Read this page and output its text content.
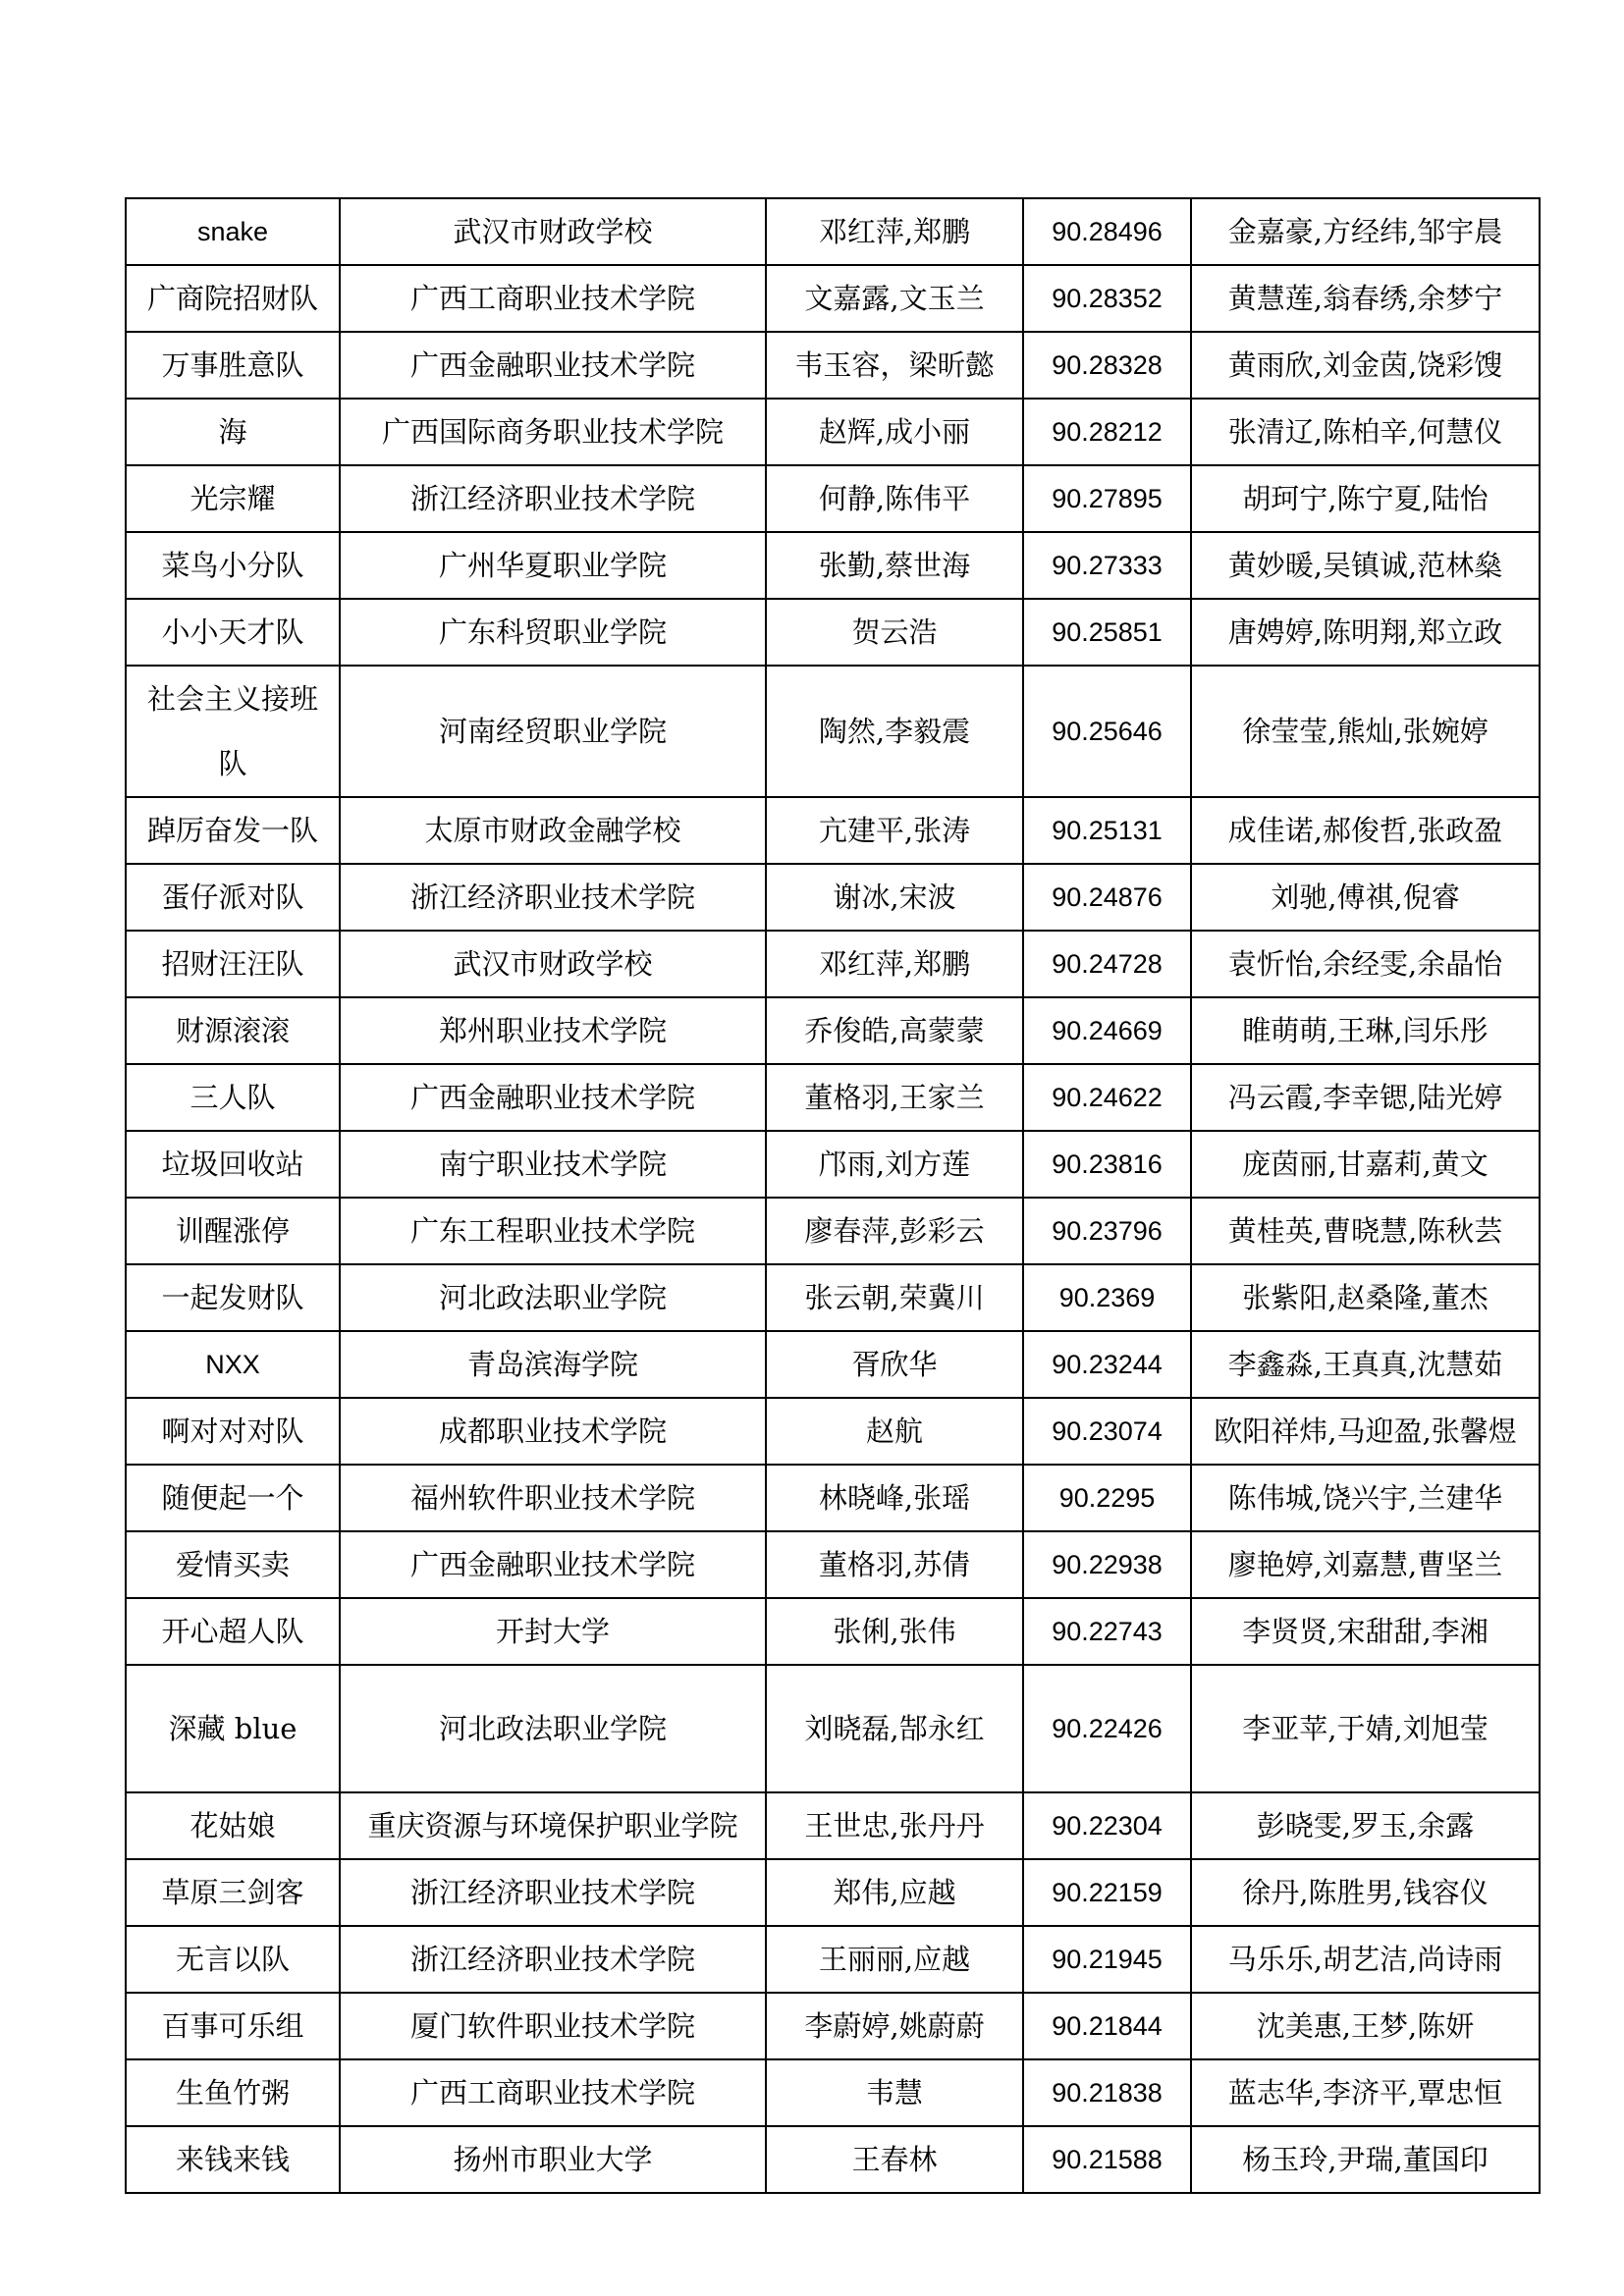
snake	武汉市财政学校	邓红萍,郑鹏	90.28496	金嘉豪,方经纬,邹宇晨
广商院招财队	广西工商职业技术学院	文嘉露,文玉兰	90.28352	黄慧莲,翁春绣,余梦宁
万事胜意队	广西金融职业技术学院	韦玉容，梁昕懿	90.28328	黄雨欣,刘金茵,饶彩馊
海	广西国际商务职业技术学院	赵辉,成小丽	90.28212	张清辽,陈柏辛,何慧仪
光宗耀	浙江经济职业技术学院	何静,陈伟平	90.27895	胡珂宁,陈宁夏,陆怡
菜鸟小分队	广州华夏职业学院	张勤,蔡世海	90.27333	黄妙暖,吴镇诚,范林燊
小小天才队	广东科贸职业学院	贺云浩	90.25851	唐娉婷,陈明翔,郑立政
社会主义接班队	河南经贸职业学院	陶然,李毅震	90.25646	徐莹莹,熊灿,张婉婷
踔厉奋发一队	太原市财政金融学校	亢建平,张涛	90.25131	成佳诺,郝俊哲,张政盈
蛋仔派对队	浙江经济职业技术学院	谢冰,宋波	90.24876	刘驰,傅祺,倪睿
招财汪汪队	武汉市财政学校	邓红萍,郑鹏	90.24728	袁忻怡,余经雯,余晶怡
财源滚滚	郑州职业技术学院	乔俊皓,高蒙蒙	90.24669	睢萌萌,王琳,闫乐彤
三人队	广西金融职业技术学院	董格羽,王家兰	90.24622	冯云霞,李幸锶,陆光婷
垃圾回收站	南宁职业技术学院	邝雨,刘方莲	90.23816	庞茵丽,甘嘉莉,黄文
训醒涨停	广东工程职业技术学院	廖春萍,彭彩云	90.23796	黄桂英,曹晓慧,陈秋芸
一起发财队	河北政法职业学院	张云朝,荣冀川	90.2369	张紫阳,赵桑隆,董杰
NXX	青岛滨海学院	胥欣华	90.23244	李鑫淼,王真真,沈慧茹
啊对对对队	成都职业技术学院	赵航	90.23074	欧阳祥炜,马迎盈,张馨煜
随便起一个	福州软件职业技术学院	林晓峰,张瑶	90.2295	陈伟城,饶兴宇,兰建华
爱情买卖	广西金融职业技术学院	董格羽,苏倩	90.22938	廖艳婷,刘嘉慧,曹坚兰
开心超人队	开封大学	张俐,张伟	90.22743	李贤贤,宋甜甜,李湘
深藏 blue	河北政法职业学院	刘晓磊,郜永红	90.22426	李亚苹,于婧,刘旭莹
花姑娘	重庆资源与环境保护职业学院	王世忠,张丹丹	90.22304	彭晓雯,罗玉,余露
草原三剑客	浙江经济职业技术学院	郑伟,应越	90.22159	徐丹,陈胜男,钱容仪
无言以队	浙江经济职业技术学院	王丽丽,应越	90.21945	马乐乐,胡艺洁,尚诗雨
百事可乐组	厦门软件职业技术学院	李蔚婷,姚蔚蔚	90.21844	沈美惠,王梦,陈妍
生鱼竹粥	广西工商职业技术学院	韦慧	90.21838	蓝志华,李济平,覃忠恒
来钱来钱	扬州市职业大学	王春林	90.21588	杨玉玲,尹瑞,董国印
